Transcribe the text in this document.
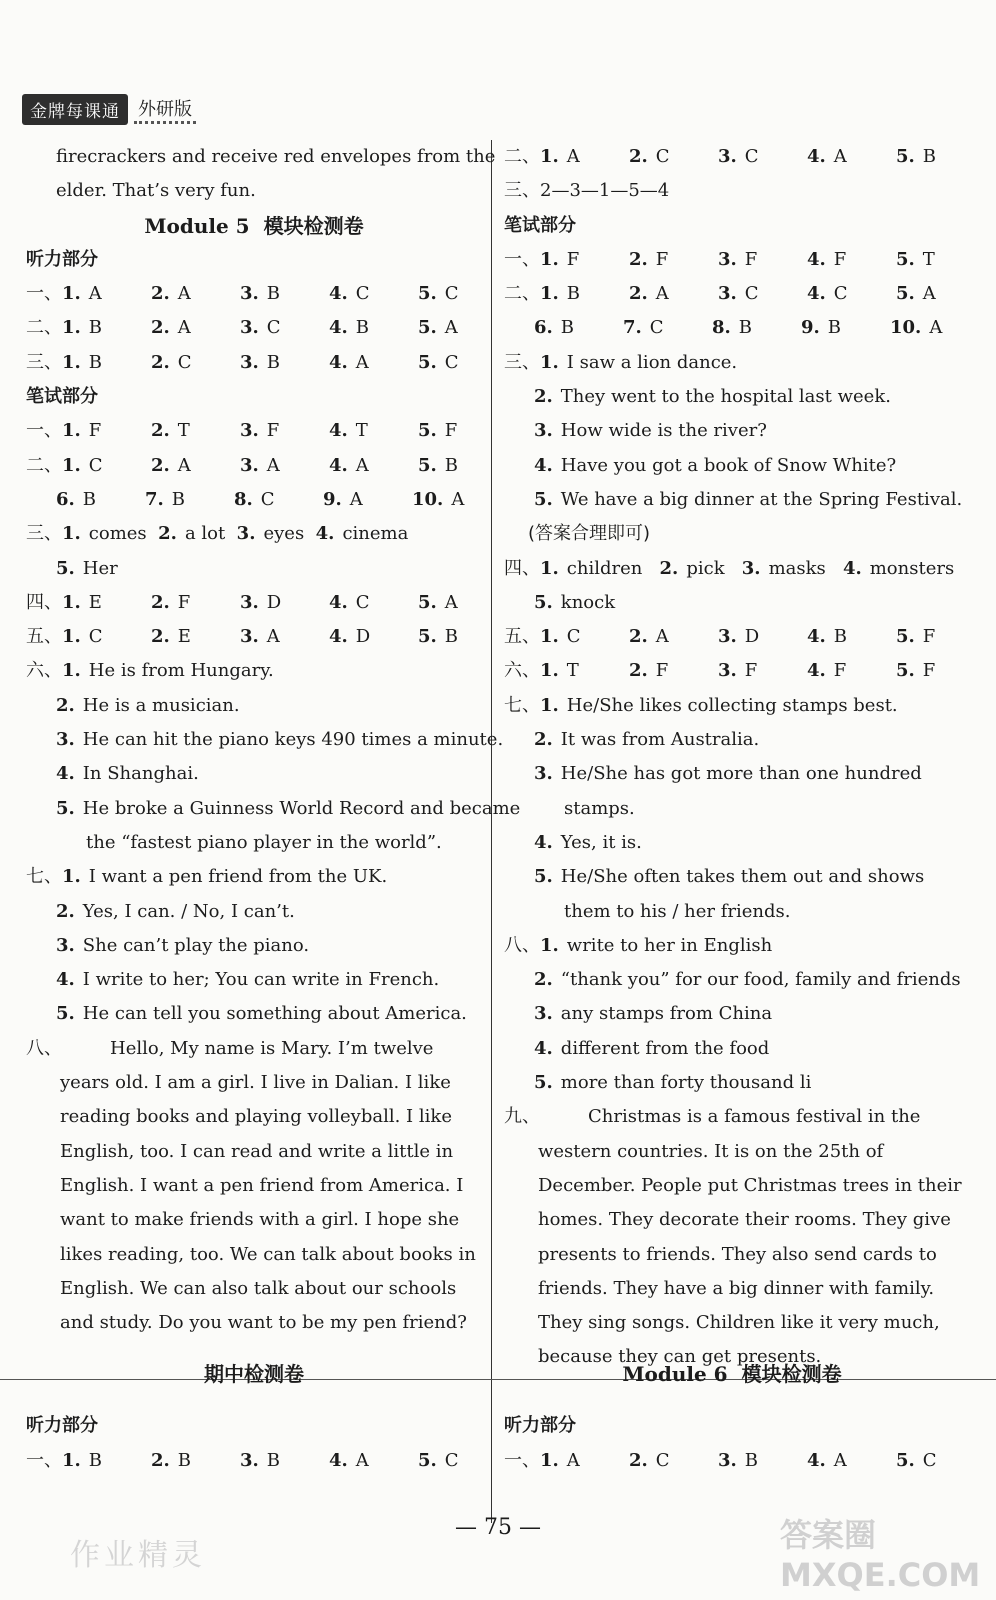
金牌每课通	外研版
firecrackers and receive red envelopes from the
elder. That’s very fun.
Module 5 模块检测卷
听力部分
一、1. A	2. A	3. B	4. C	5. C
二、1. B	2. A	3. C	4. B	5. A
三、1. B	2. C	3. B	4. A	5. C
笔试部分
一、1. F	2. T	3. F	4. T	5. F
二、1. C	2. A	3. A	4. A	5. B
6. B	7. B	8. C	9. A	10. A
三、1. comes 2. a lot 3. eyes 4. cinema
5. Her
四、1. E	2. F	3. D	4. C	5. A
五、1. C	2. E	3. A	4. D	5. B
六、1. He is from Hungary.
2. He is a musician.
3. He can hit the piano keys 490 times a minute.
4. In Shanghai.
5. He broke a Guinness World Record and became
the “fastest piano player in the world”.
七、1. I want a pen friend from the UK.
2. Yes, I can. / No, I can’t.
3. She can’t play the piano.
4. I write to her; You can write in French.
5. He can tell you something about America.
八、	Hello, My name is Mary. I’m twelve
years old. I am a girl. I live in Dalian. I like
reading books and playing volleyball. I like
English, too. I can read and write a little in
English. I want a pen friend from America. I
want to make friends with a girl. I hope she
likes reading, too. We can talk about books in
English. We can also talk about our schools
and study. Do you want to be my pen friend?
二、1. A	2. C	3. C	4. A	5. B
三、2—3—1—5—4
笔试部分
一、1. F	2. F	3. F	4. F	5. T
二、1. B	2. A	3. C	4. C	5. A
6. B	7. C	8. B	9. B	10. A
三、1. I saw a lion dance.
2. They went to the hospital last week.
3. How wide is the river?
4. Have you got a book of Snow White?
5. We have a big dinner at the Spring Festival.
(答案合理即可)
四、1. children 2. pick 3. masks 4. monsters
5. knock
五、1. C	2. A	3. D	4. B	5. F
六、1. T	2. F	3. F	4. F	5. F
七、1. He/She likes collecting stamps best.
2. It was from Australia.
3. He/She has got more than one hundred
stamps.
4. Yes, it is.
5. He/She often takes them out and shows
them to his / her friends.
八、1. write to her in English
2. “thank you” for our food, family and friends
3. any stamps from China
4. different from the food
5. more than forty thousand li
九、	Christmas is a famous festival in the
western countries. It is on the 25th of
December. People put Christmas trees in their
homes. They decorate their rooms. They give
presents to friends. They also send cards to
friends. They have a big dinner with family.
They sing songs. Children like it very much,
because they can get presents.
期中检测卷
听力部分
一、1. B	2. B	3. B	4. A	5. C
Module 6 模块检测卷
听力部分
一、1. A	2. C	3. B	4. A	5. C
— 75 —
作业精灵
答案圈 MXQE.COM
